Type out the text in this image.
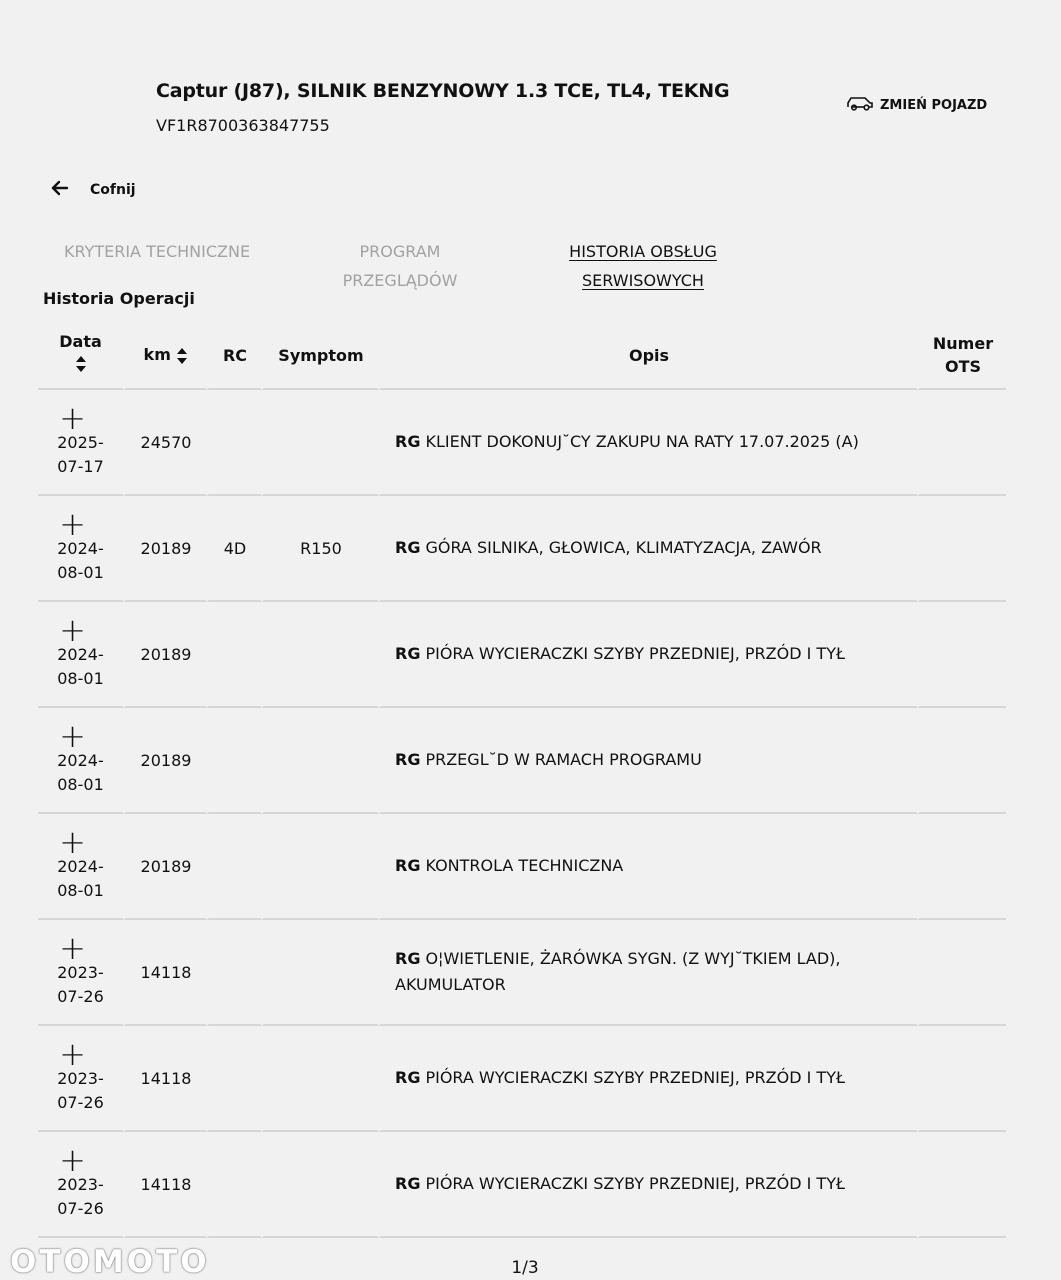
Captur (J87), SILNIK BENZYNOWY 1.3 TCE, TL4, TEKNG
VF1R8700363847755
ZMIEŃ POJAZD
Cofnij
KRYTERIA TECHNICZNE	PROGRAM PRZEGLĄDÓW
HISTORIA OBSŁUG SERWISOWYCH
Historia Operacji
Data	km	RC	Symptom	Opis	Numer OTS

+
2025-07-17	24570			RG KLIENT DOKONUJ˘CY ZAKUPU NA RATY 17.07.2025 (A)	

+
2024-08-01	20189	4D	R150	RG GÓRA SILNIKA, GŁOWICA, KLIMATYZACJA, ZAWÓR	

+
2024-08-01	20189			RG PIÓRA WYCIERACZKI SZYBY PRZEDNIEJ, PRZÓD I TYŁ	

+
2024-08-01	20189			RG PRZEGL˘D W RAMACH PROGRAMU	

+
2024-08-01	20189			RG KONTROLA TECHNICZNA	

+
2023-07-26	14118			RG O¦WIETLENIE, ŻARÓWKA SYGN. (Z WYJ˘TKIEM LAD), AKUMULATOR	

+
2023-07-26	14118			RG PIÓRA WYCIERACZKI SZYBY PRZEDNIEJ, PRZÓD I TYŁ	

+
2023-07-26	14118			RG PIÓRA WYCIERACZKI SZYBY PRZEDNIEJ, PRZÓD I TYŁ	
1/3
OTOMOTO
